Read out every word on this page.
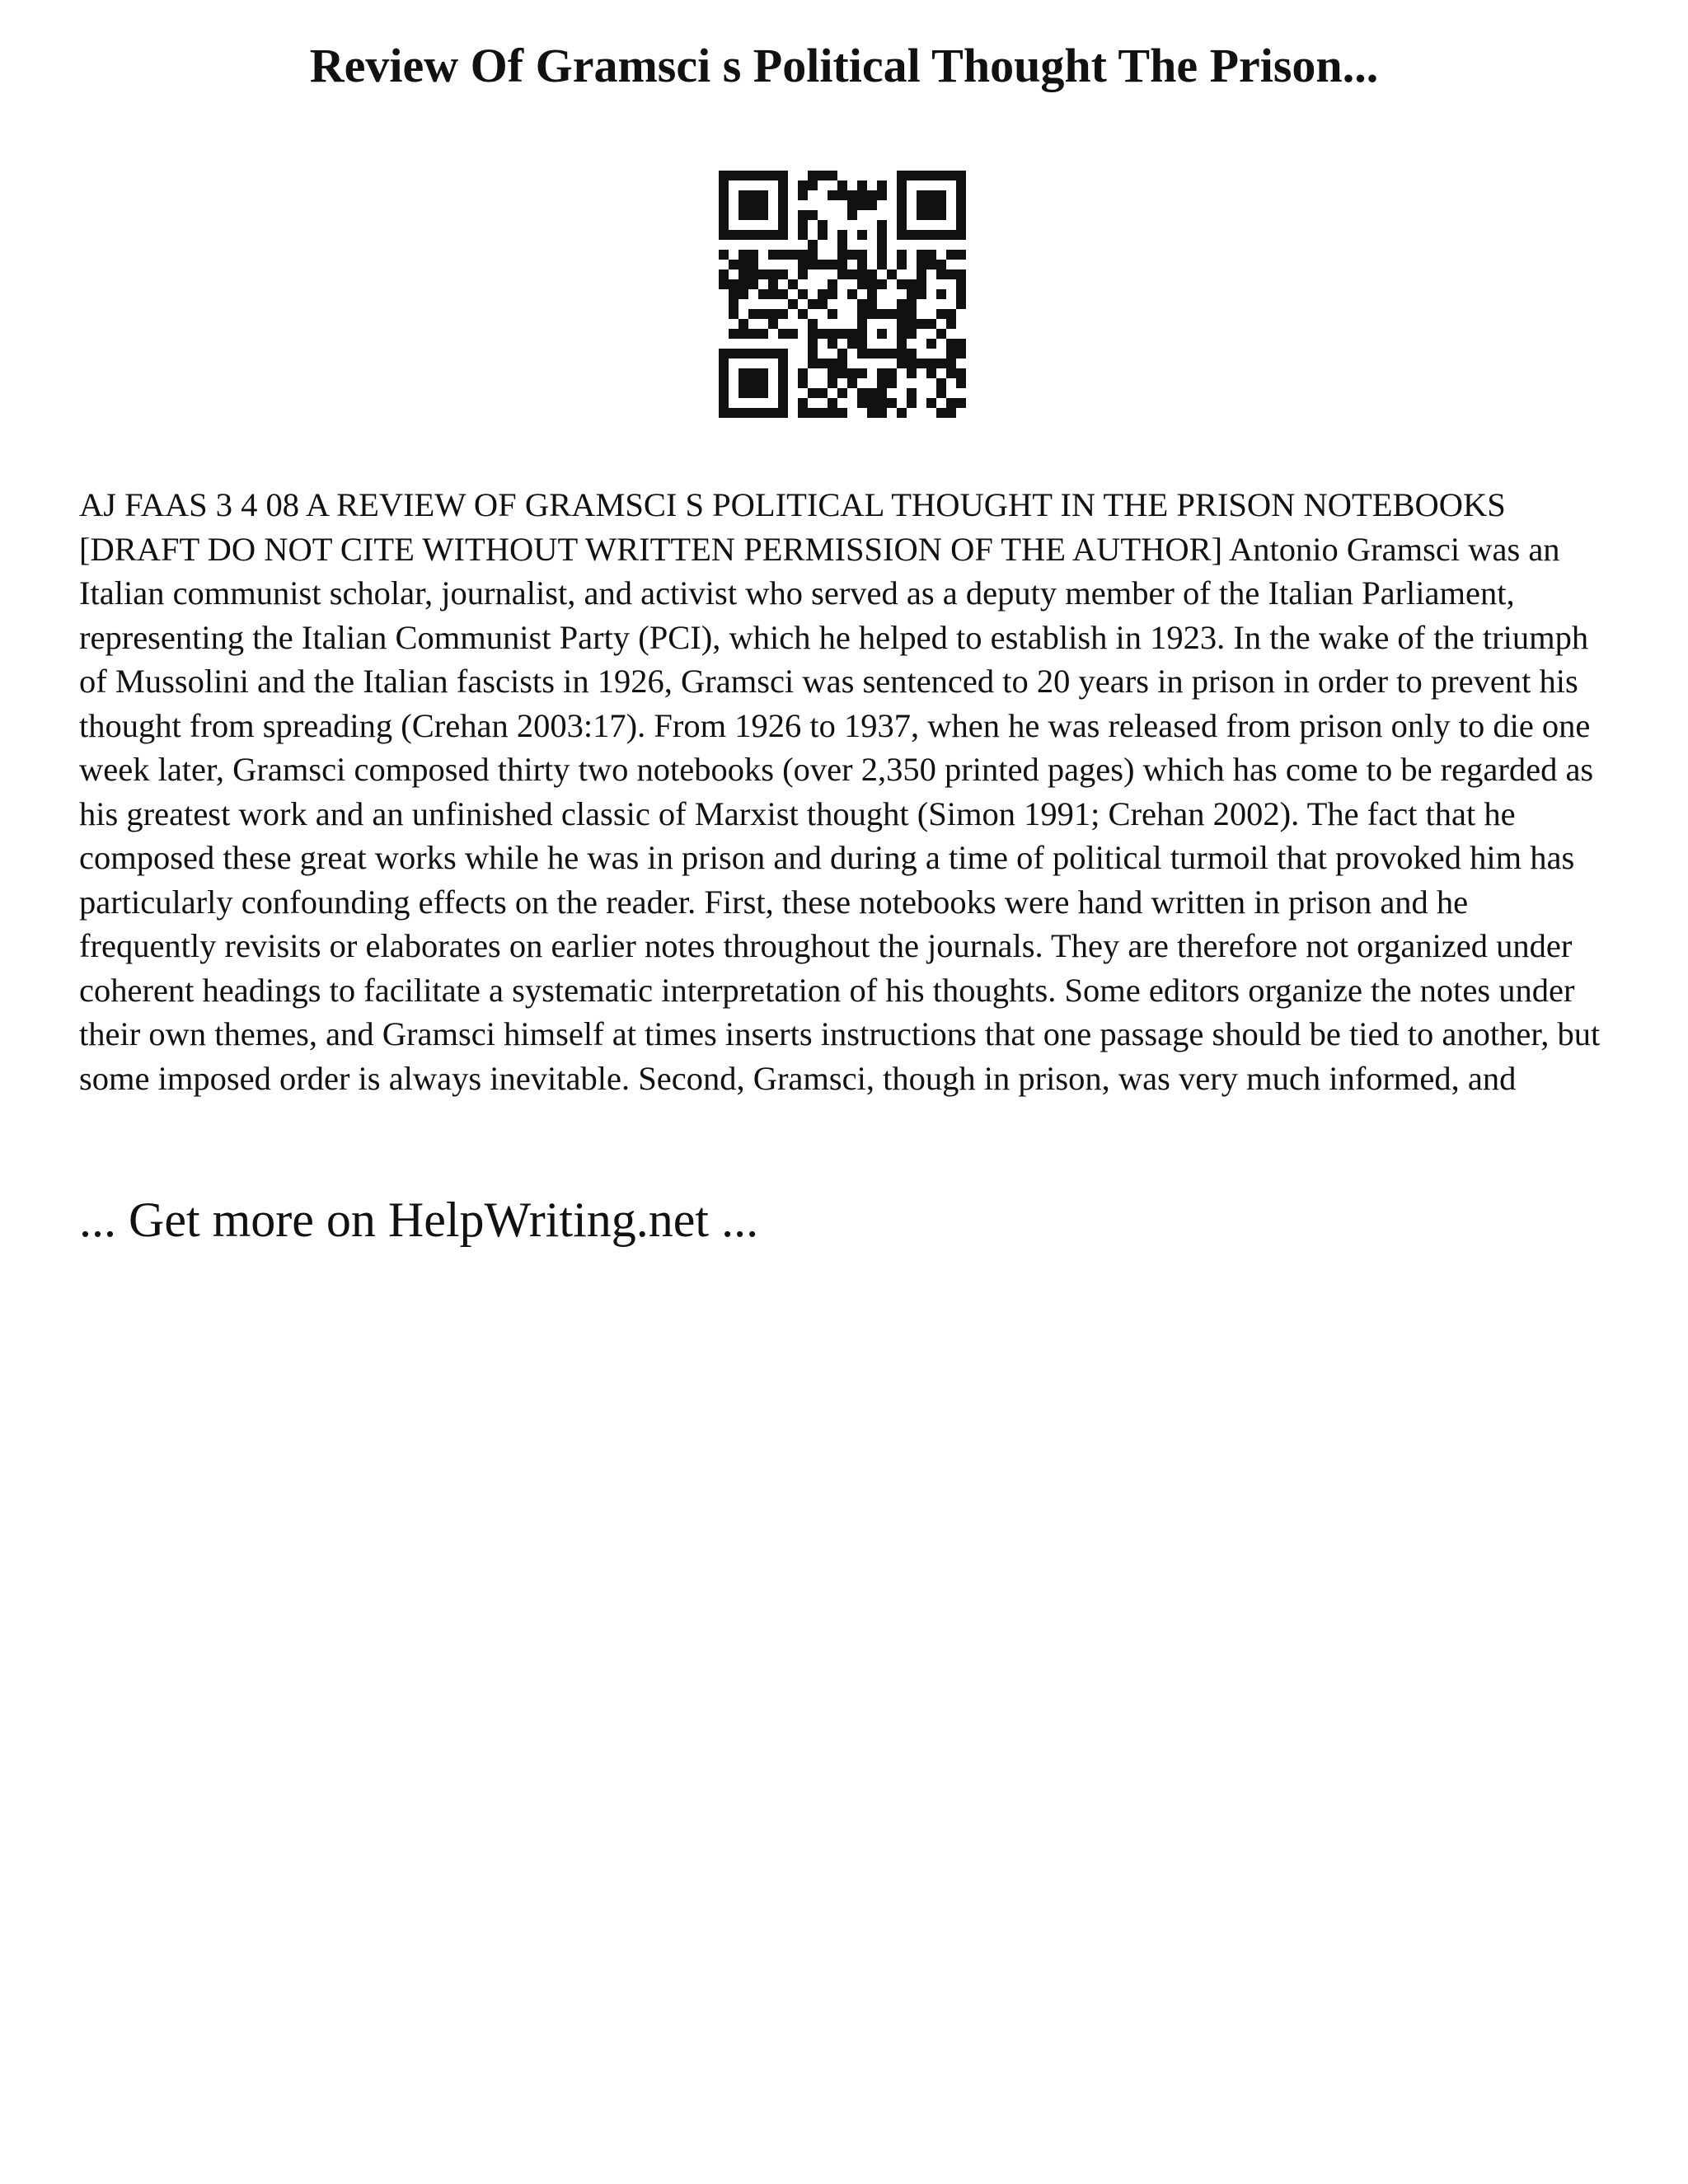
Review Of Gramsci s Political Thought The Prison...

AJ FAAS 3 4 08 A REVIEW OF GRAMSCI S POLITICAL THOUGHT IN THE PRISON NOTEBOOKS [DRAFT DO NOT CITE WITHOUT WRITTEN PERMISSION OF THE AUTHOR] Antonio Gramsci was an Italian communist scholar, journalist, and activist who served as a deputy member of the Italian Parliament, representing the Italian Communist Party (PCI), which he helped to establish in 1923. In the wake of the triumph of Mussolini and the Italian fascists in 1926, Gramsci was sentenced to 20 years in prison in order to prevent his thought from spreading (Crehan 2003:17). From 1926 to 1937, when he was released from prison only to die one week later, Gramsci composed thirty two notebooks (over 2,350 printed pages) which has come to be regarded as his greatest work and an unfinished classic of Marxist thought (Simon 1991; Crehan 2002). The fact that he composed these great works while he was in prison and during a time of political turmoil that provoked him has particularly confounding effects on the reader. First, these notebooks were hand written in prison and he frequently revisits or elaborates on earlier notes throughout the journals. They are therefore not organized under coherent headings to facilitate a systematic interpretation of his thoughts. Some editors organize the notes under their own themes, and Gramsci himself at times inserts instructions that one passage should be tied to another, but some imposed order is always inevitable. Second, Gramsci, though in prison, was very much informed, and

... Get more on HelpWriting.net ...
